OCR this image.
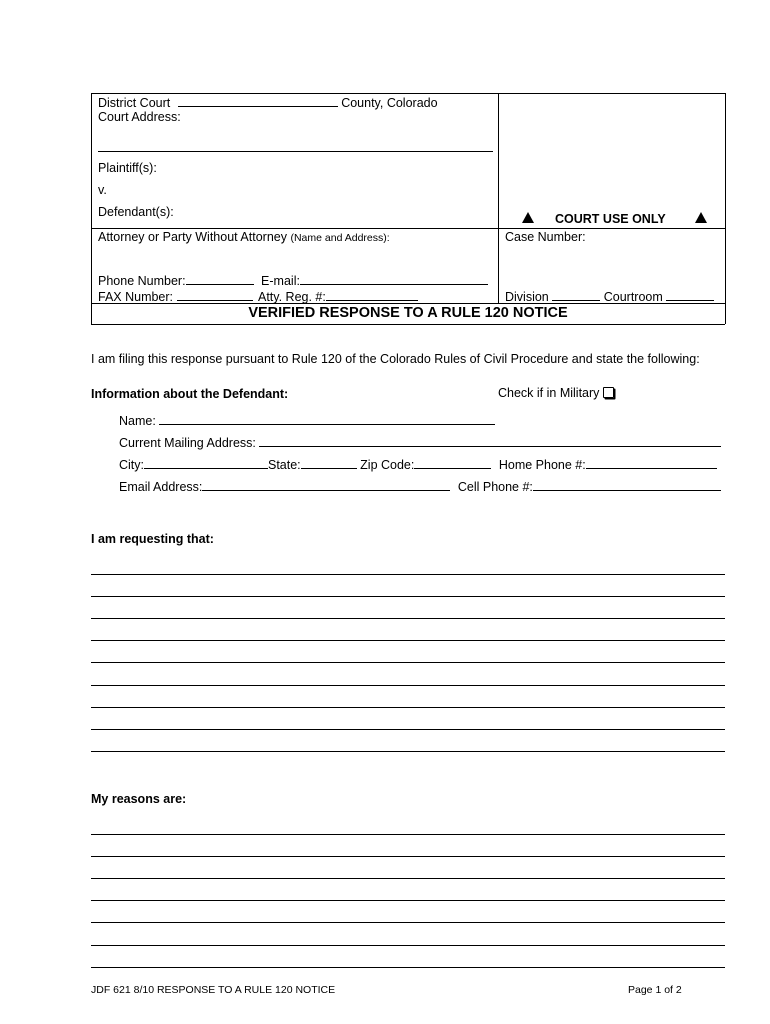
District Court	County, Colorado
Court Address:
Plaintiff(s):
v.
Defendant(s):
Attorney or Party Without Attorney (Name and Address):
Phone Number:	E-mail:
FAX Number:	Atty. Reg. #:
COURT USE ONLY
Case Number:
Division	Courtroom
VERIFIED RESPONSE TO A RULE 120 NOTICE
I am filing this response pursuant to Rule 120 of the Colorado Rules of Civil Procedure and state the following:
Information about the Defendant:	Check if in Military
Name:
Current Mailing Address:
City:	State:	Zip Code:	Home Phone #:
Email Address:	Cell Phone #:
I am requesting that:
My reasons are:
JDF 621 8/10 RESPONSE TO A RULE 120 NOTICE	Page 1 of 2
